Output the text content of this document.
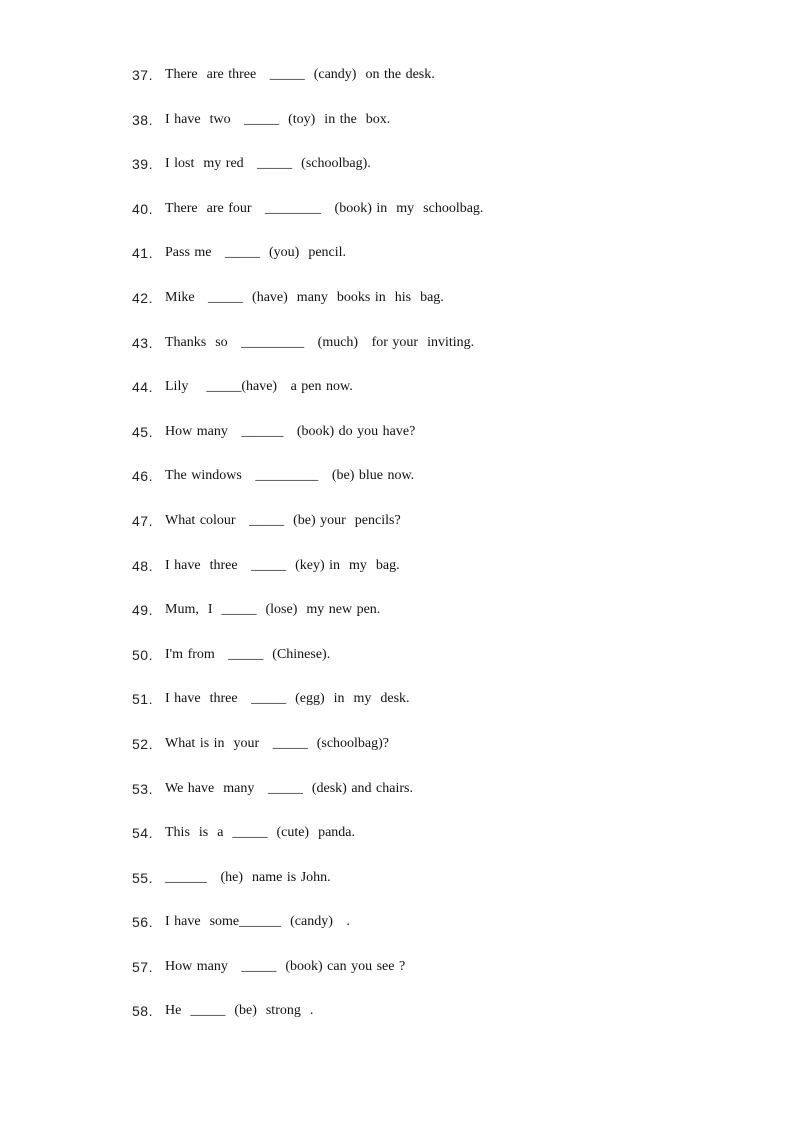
37. There  are three   _____  (candy)  on the desk.
38. I have  two   _____  (toy)  in the  box.
39. I lost  my red   _____  (schoolbag).
40. There  are four   ________   (book) in  my  schoolbag.
41. Pass me   _____  (you)  pencil.
42. Mike   _____  (have)  many  books in  his  bag.
43. Thanks  so   _________   (much)   for your  inviting.
44. Lily    _____(have)   a pen now.
45. How many   ______   (book) do you have?
46. The windows   _________   (be) blue now.
47. What colour   _____  (be) your  pencils?
48. I have  three   _____  (key) in  my  bag.
49. Mum,  I  _____  (lose)  my new pen.
50. I'm from   _____  (Chinese).
51. I have  three   _____  (egg)  in  my  desk.
52. What is in  your   _____  (schoolbag)?
53. We have  many   _____  (desk) and chairs.
54. This  is  a  _____  (cute)  panda.
55. ______   (he)  name is John.
56. I have  some______  (candy)   .
57. How many   _____  (book) can you see ?
58. He  _____  (be)  strong  .
